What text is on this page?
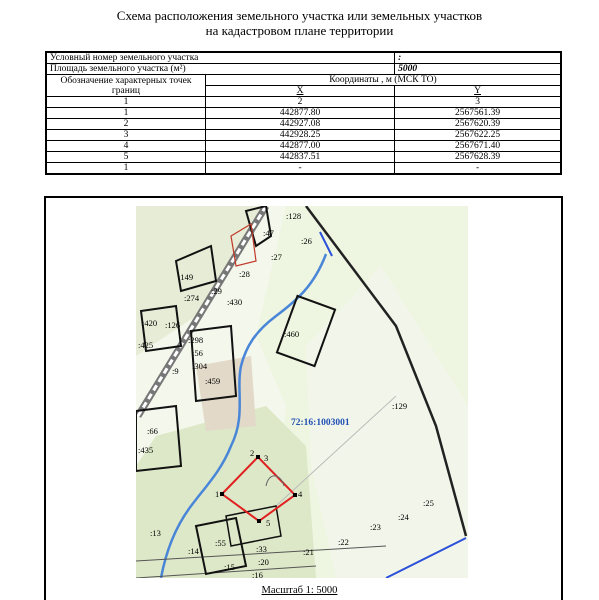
Схема расположения земельного участка или земельных участков
на кадастровом плане территории
Условный номер земельного участка		:
Площадь земельного участка (м²)		5000
Обозначение характерных точек границ	Координаты , м (МСК ТО)	
	X	Y
1	2	3
1	442877.80	2567561.39
2	442927.08	2567620.39
3	442928.25	2567622.25
4	442877.00	2567671.40
5	442837.51	2567628.39
1	-	-
1
2 3
4
5
72:16:1003001
:128
:26
:47
:27
:28
:149
:274
:29
:430
:420 :126
:460
:298
:425
:56
:304
:9
:459
:129
:66
:435
:25
:24
:13
:23
:22
:21
:14
:55
:33
:20
:15
:16
Масштаб 1: 5000
